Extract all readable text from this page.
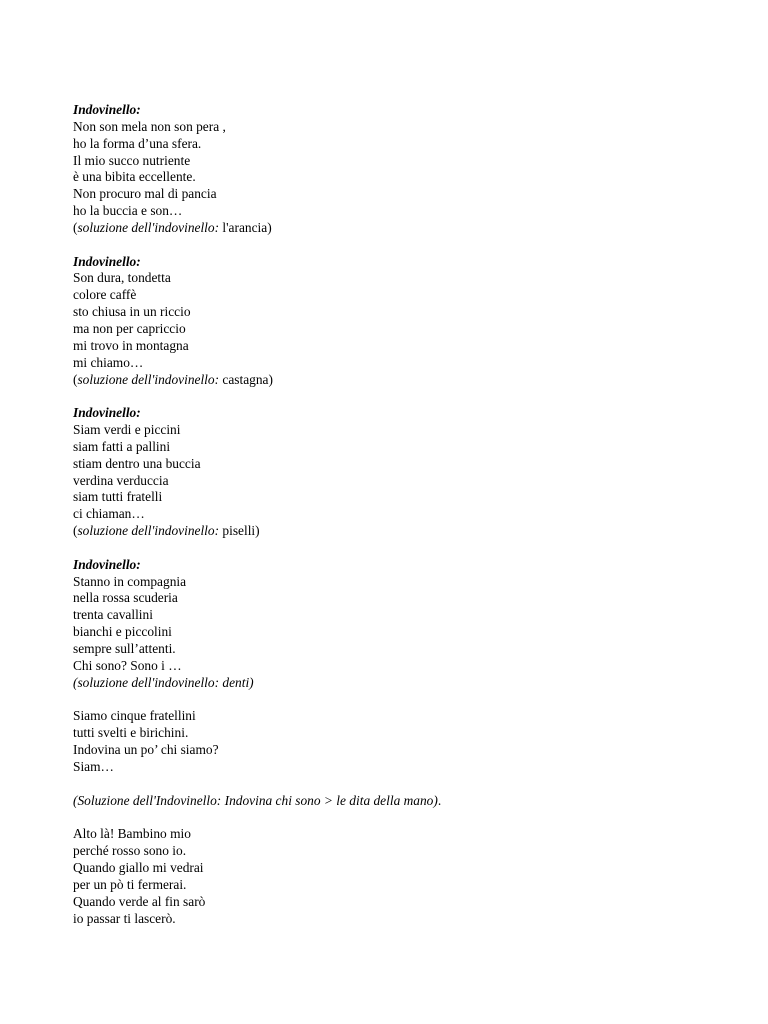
Indovinello:
Non son mela non son pera ,
ho la forma d’una sfera.
Il mio succo nutriente
è una bibita eccellente.
Non procuro mal di pancia
ho la buccia e son…
(soluzione dell'indovinello: l'arancia)
Indovinello:
Son dura, tondetta
colore caffè
sto chiusa in un riccio
ma non per capriccio
mi trovo in montagna
mi chiamo…
(soluzione dell'indovinello: castagna)
Indovinello:
Siam verdi e piccini
siam fatti a pallini
stiam dentro una buccia
verdina verduccia
siam tutti fratelli
ci chiaman…
(soluzione dell'indovinello: piselli)
Indovinello:
Stanno in compagnia
nella rossa scuderia
trenta cavallini
bianchi e piccolini
sempre sull’attenti.
Chi sono? Sono i …
(soluzione dell'indovinello: denti)
Siamo cinque fratellini
tutti svelti e birichini.
Indovina un po’ chi siamo?
Siam…
(Soluzione dell'Indovinello: Indovina chi sono > le dita della mano).
Alto là! Bambino mio
perché rosso sono io.
Quando giallo mi vedrai
per un pò ti fermerai.
Quando verde al fin sarò
io passar ti lascerò.
